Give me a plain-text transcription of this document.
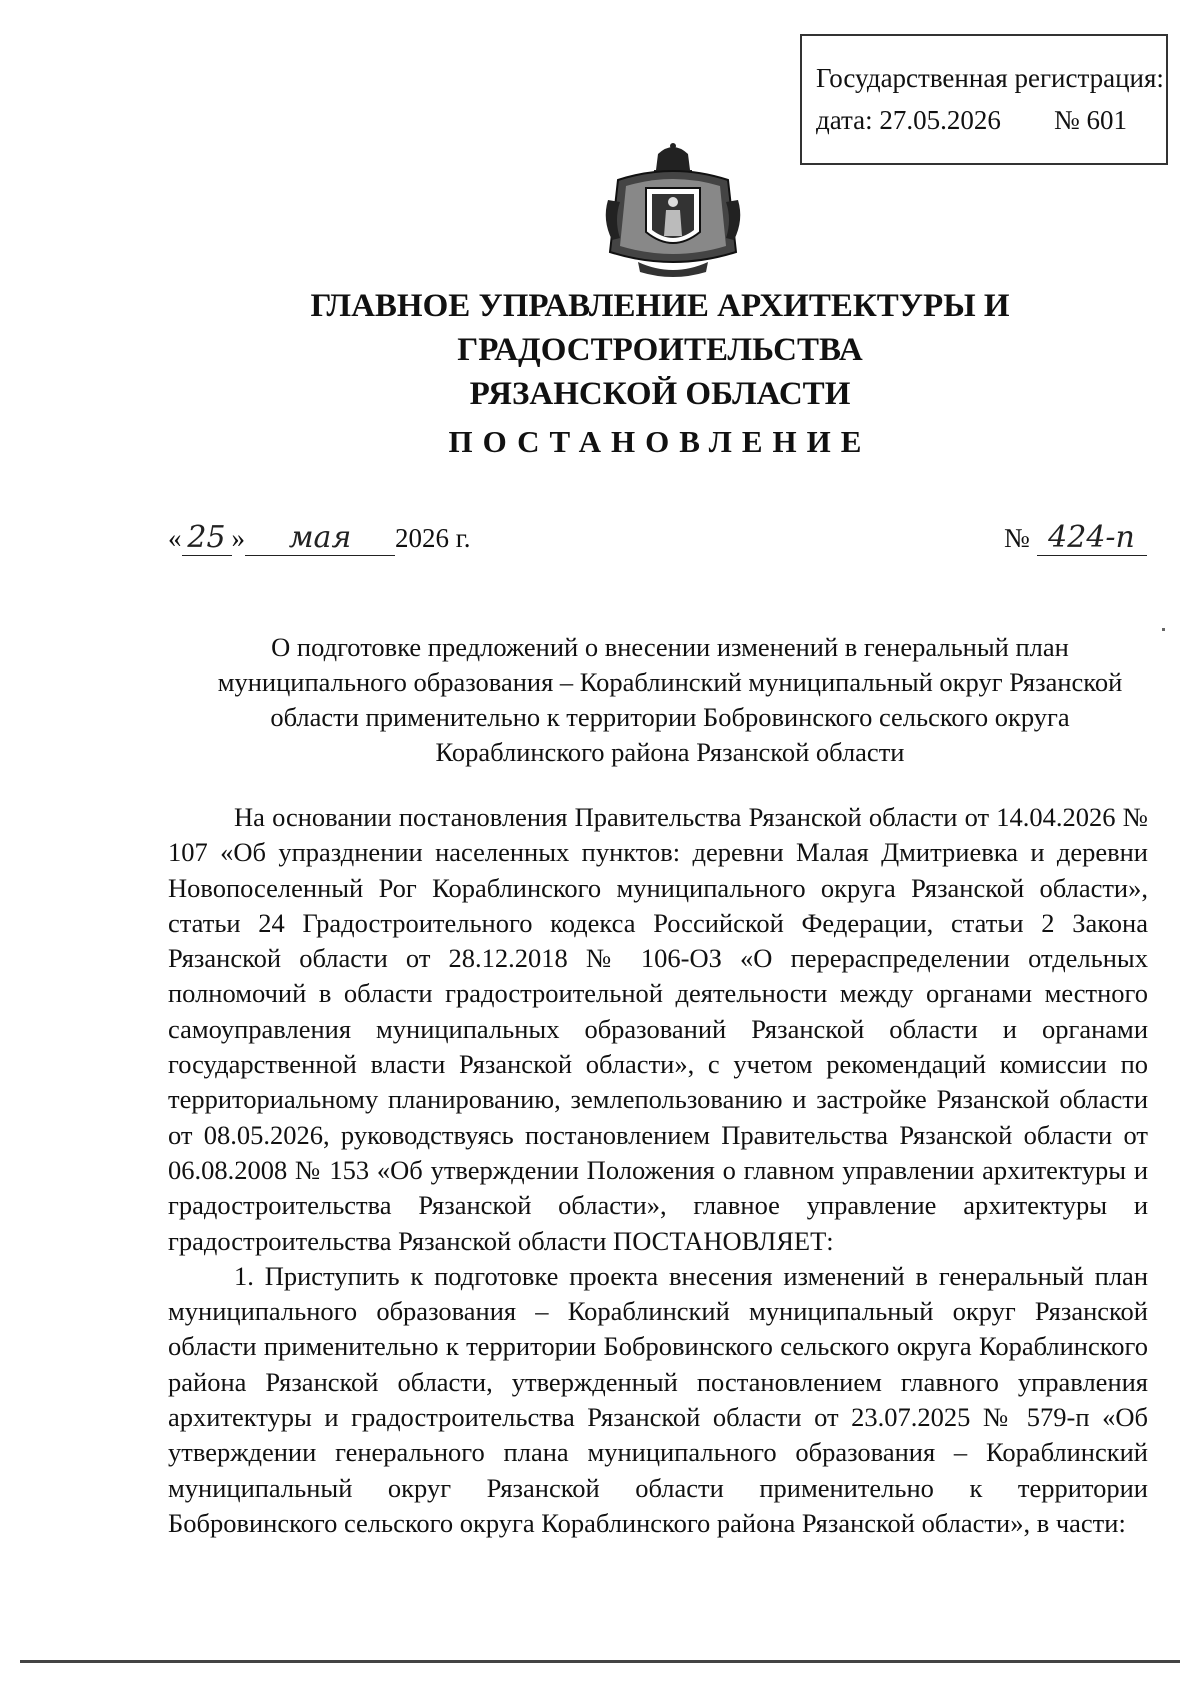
Государственная регистрация:
дата: 27.05.2026 № 601
ГЛАВНОЕ УПРАВЛЕНИЕ АРХИТЕКТУРЫ И ГРАДОСТРОИТЕЛЬСТВА
РЯЗАНСКОЙ ОБЛАСТИ
ПОСТАНОВЛЕНИЕ
« 25 » мая 2026 г.	№ 424-п
О подготовке предложений о внесении изменений в генеральный план
муниципального образования – Кораблинский муниципальный округ Рязанской
области применительно к территории Бобровинского сельского округа
Кораблинского района Рязанской области

На основании постановления Правительства Рязанской области от 14.04.2026 № 107 «Об упразднении населенных пунктов: деревни Малая Дмитриевка и деревни Новопоселенный Рог Кораблинского муниципального округа Рязанской области», статьи 24 Градостроительного кодекса Российской Федерации, статьи 2 Закона Рязанской области от 28.12.2018 № 106-ОЗ «О перераспределении отдельных полномочий в области градостроительной деятельности между органами местного самоуправления муниципальных образований Рязанской области и органами государственной власти Рязанской области», с учетом рекомендаций комиссии по территориальному планированию, землепользованию и застройке Рязанской области от 08.05.2026, руководствуясь постановлением Правительства Рязанской области от 06.08.2008 № 153 «Об утверждении Положения о главном управлении архитектуры и градостроительства Рязанской области», главное управление архитектуры и градостроительства Рязанской области ПОСТАНОВЛЯЕТ:

1. Приступить к подготовке проекта внесения изменений в генеральный план муниципального образования – Кораблинский муниципальный округ Рязанской области применительно к территории Бобровинского сельского округа Кораблинского района Рязанской области, утвержденный постановлением главного управления архитектуры и градостроительства Рязанской области от 23.07.2025 № 579-п «Об утверждении генерального плана муниципального образования – Кораблинский муниципальный округ Рязанской области применительно к территории Бобровинского сельского округа Кораблинского района Рязанской области», в части:
